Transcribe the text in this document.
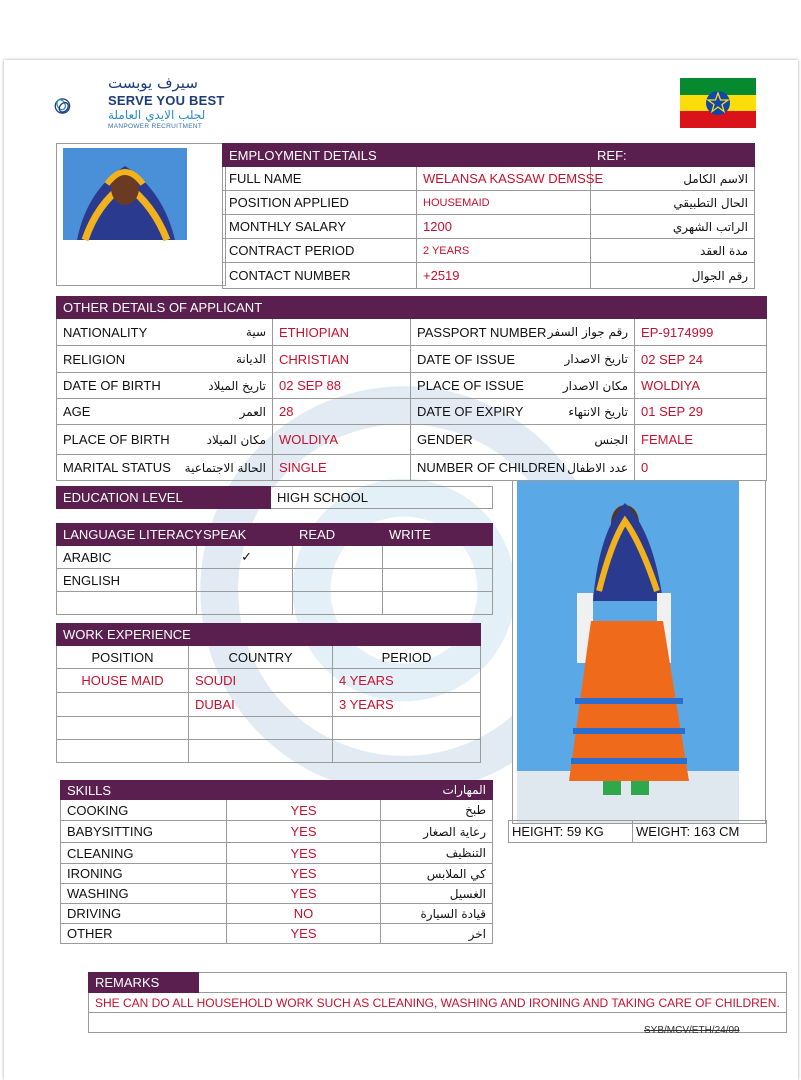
سيرف يوبست
SERVE YOU BEST
لجلب الايدي العاملة
MANPOWER RECRUITMENT
EMPLOYMENT DETAILS		REF:
FULL NAME	WELANSA KASSAW DEMSSE	الاسم الكامل
POSITION APPLIED	HOUSEMAID	الحال التطبيقي
MONTHLY SALARY	1200	الراتب الشهري
CONTRACT PERIOD	2 YEARS	مدة العقد
CONTACT NUMBER	+2519	رقم الجوال
OTHER DETAILS OF APPLICANT					
NATIONALITY	سية	ETHIOPIAN	PASSPORT NUMBER	رقم جواز السفر	EP-9174999
RELIGION	الديانة	CHRISTIAN	DATE OF ISSUE	تاريخ الاصدار	02 SEP 24
DATE OF BIRTH	تاريخ الميلاد	02 SEP 88	PLACE OF ISSUE	مكان الاصدار	WOLDIYA
AGE	العمر	28	DATE OF EXPIRY	تاريخ الانتهاء	01 SEP 29
PLACE OF BIRTH	مكان الميلاد	WOLDIYA	GENDER	الجنس	FEMALE
MARITAL STATUS	الحالة الاجتماعية	SINGLE	NUMBER OF CHILDREN	عدد الاطفال	0
EDUCATION LEVEL	HIGH SCHOOL
LANGUAGE LITERACY	SPEAK	READ	WRITE
ARABIC	✓		
ENGLISH			

WORK EXPERIENCE		
POSITION	COUNTRY	PERIOD
HOUSE MAID	SOUDI	4 YEARS
	DUBAI	3 YEARS

HEIGHT: 59 KG	WEIGHT: 163 CM
SKILLS		المهارات
COOKING	YES	طبخ
BABYSITTING	YES	رعاية الصغار
CLEANING	YES	التنظيف
IRONING	YES	كي الملابس
WASHING	YES	الغسيل
DRIVING	NO	قيادة السيارة
OTHER	YES	اخر
REMARKS	
SHE CAN DO ALL HOUSEHOLD WORK SUCH AS CLEANING, WASHING AND IRONING AND TAKING CARE OF CHILDREN.

SYB/MCV/ETH/24/09
